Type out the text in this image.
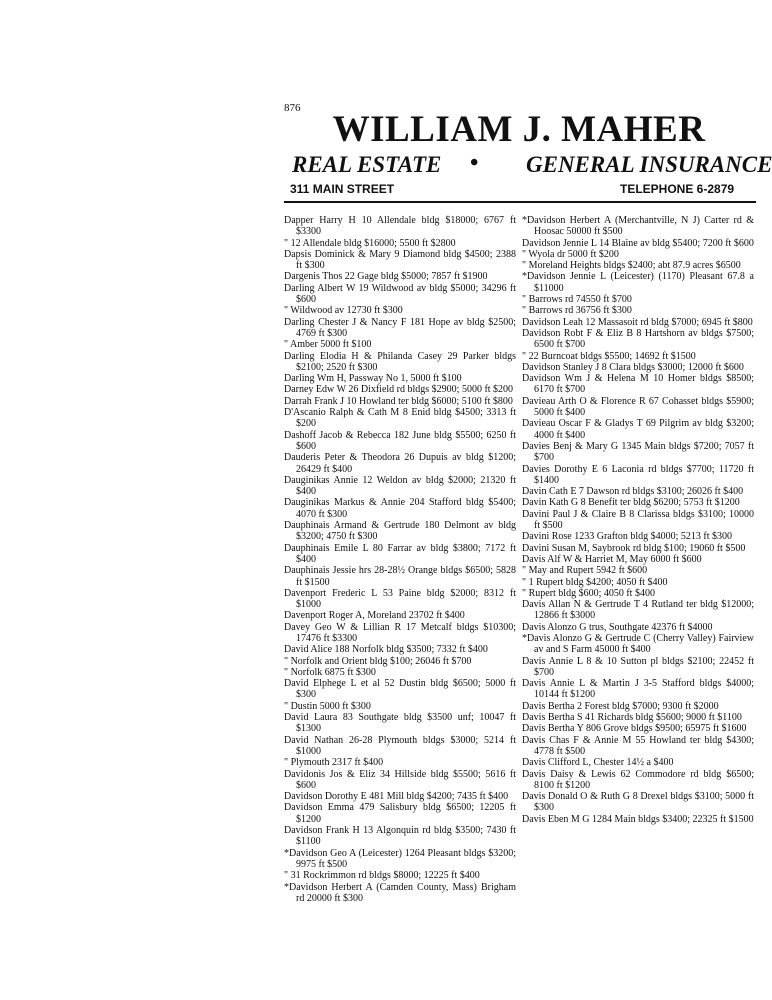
876
WILLIAM J. MAHER
REAL ESTATE • GENERAL INSURANCE
311 MAIN STREET	TELEPHONE 6-2879
Dapper Harry H 10 Allendale bldg $18000; 6767 ft $3300
" 12 Allendale bldg $16000; 5500 ft $2800
Dapsis Dominick & Mary 9 Diamond bldg $4500; 2388 ft $300
Dargenis Thos 22 Gage bldg $5000; 7857 ft $1900
Darling Albert W 19 Wildwood av bldg $5000; 34296 ft $600
" Wildwood av 12730 ft $300
Darling Chester J & Nancy F 181 Hope av bldg $2500; 4769 ft $300
" Amber 5000 ft $100
Darling Elodia H & Philanda Casey 29 Parker bldgs $2100; 2520 ft $300
Darling Wm H, Passway No 1, 5000 ft $100
Darney Edw W 26 Dixfield rd bldgs $2900; 5000 ft $200
Darrah Frank J 10 Howland ter bldg $6000; 5100 ft $800
D'Ascanio Ralph & Cath M 8 Enid bldg $4500; 3313 ft $200
Dashoff Jacob & Rebecca 182 June bldg $5500; 6250 ft $600
Dauderis Peter & Theodora 26 Dupuis av bldg $1200; 26429 ft $400
Dauginikas Annie 12 Weldon av bldg $2000; 21320 ft $400
Dauginikas Markus & Annie 204 Stafford bldg $5400; 4070 ft $300
Dauphinais Armand & Gertrude 180 Delmont av bldg $3200; 4750 ft $300
Dauphinais Emile L 80 Farrar av bldg $3800; 7172 ft $400
Dauphinais Jessie hrs 28-28½ Orange bldgs $6500; 5828 ft $1500
Davenport Frederic L 53 Paine bldg $2000; 8312 ft $1000
Davenport Roger A, Moreland 23702 ft $400
Davey Geo W & Lillian R 17 Metcalf bldgs $10300; 17476 ft $3300
David Alice 188 Norfolk bldg $3500; 7332 ft $400
" Norfolk and Orient bldg $100; 26046 ft $700
" Norfolk 6875 ft $300
David Elphege L et al 52 Dustin bldg $6500; 5000 ft $300
" Dustin 5000 ft $300
David Laura 83 Southgate bldg $3500 unf; 10047 ft $1300
David Nathan 26-28 Plymouth bldgs $3000; 5214 ft $1000
" Plymouth 2317 ft $400
Davidonis Jos & Eliz 34 Hillside bldg $5500; 5616 ft $600
Davidson Dorothy E 481 Mill bldg $4200; 7435 ft $400
Davidson Emma 479 Salisbury bldg $6500; 12205 ft $1200
Davidson Frank H 13 Algonquin rd bldg $3500; 7430 ft $1100
*Davidson Geo A (Leicester) 1264 Pleasant bldgs $3200; 9975 ft $500
" 31 Rockrimmon rd bldgs $8000; 12225 ft $400
*Davidson Herbert A (Camden County, Mass) Brigham rd 20000 ft $300
*Davidson Herbert A (Merchantville, N J) Carter rd & Hoosac 50000 ft $500
Davidson Jennie L 14 Blaine av bldg $5400; 7200 ft $600
" Wyola dr 5000 ft $200
" Moreland Heights bldgs $2400; abt 87.9 acres $6500
*Davidson Jennie L (Leicester) (1170) Pleasant 67.8 a $11000
" Barrows rd 74550 ft $700
" Barrows rd 36756 ft $300
Davidson Leah 12 Massasoit rd bldg $7000; 6945 ft $800
Davidson Robt F & Eliz B 8 Hartshorn av bldgs $7500; 6500 ft $700
" 22 Burncoat bldgs $5500; 14692 ft $1500
Davidson Stanley J 8 Clara bldgs $3000; 12000 ft $600
Davidson Wm J & Helena M 10 Homer bldgs $8500; 6170 ft $700
Davieau Arth O & Florence R 67 Cohasset bldgs $5900; 5000 ft $400
Davieau Oscar F & Gladys T 69 Pilgrim av bldg $3200; 4000 ft $400
Davies Benj & Mary G 1345 Main bldgs $7200; 7057 ft $700
Davies Dorothy E 6 Laconia rd bldgs $7700; 11720 ft $1400
Davin Cath E 7 Dawson rd bldgs $3100; 26026 ft $400
Davin Kath G 8 Benefit ter bldg $6200; 5753 ft $1200
Davini Paul J & Claire B 8 Clarissa bldgs $3100; 10000 ft $500
Davini Rose 1233 Grafton bldg $4000; 5213 ft $300
Davini Susan M, Saybrook rd bldg $100; 19060 ft $500
Davis Alf W & Harriet M, May 6000 ft $600
" May and Rupert 5942 ft $600
" 1 Rupert bldg $4200; 4050 ft $400
" Rupert bldg $600; 4050 ft $400
Davis Allan N & Gertrude T 4 Rutland ter bldg $12000; 12866 ft $3000
Davis Alonzo G trus, Southgate 42376 ft $4000
*Davis Alonzo G & Gertrude C (Cherry Valley) Fairview av and S Farm 45000 ft $400
Davis Annie L 8 & 10 Sutton pl bldgs $2100; 22452 ft $700
Davis Annie L & Martin J 3-5 Stafford bldgs $4000; 10144 ft $1200
Davis Bertha 2 Forest bldg $7000; 9300 ft $2000
Davis Bertha S 41 Richards bldg $5600; 9000 ft $1100
Davis Bertha Y 806 Grove bldgs $9500; 65975 ft $1600
Davis Chas F & Annie M 55 Howland ter bldg $4300; 4778 ft $500
Davis Clifford L, Chester 14½ a $400
Davis Daisy & Lewis 62 Commodore rd bldg $6500; 8100 ft $1200
Davis Donald O & Ruth G 8 Drexel bldgs $3100; 5000 ft $300
Davis Eben M G 1284 Main bldgs $3400; 22325 ft $1500
